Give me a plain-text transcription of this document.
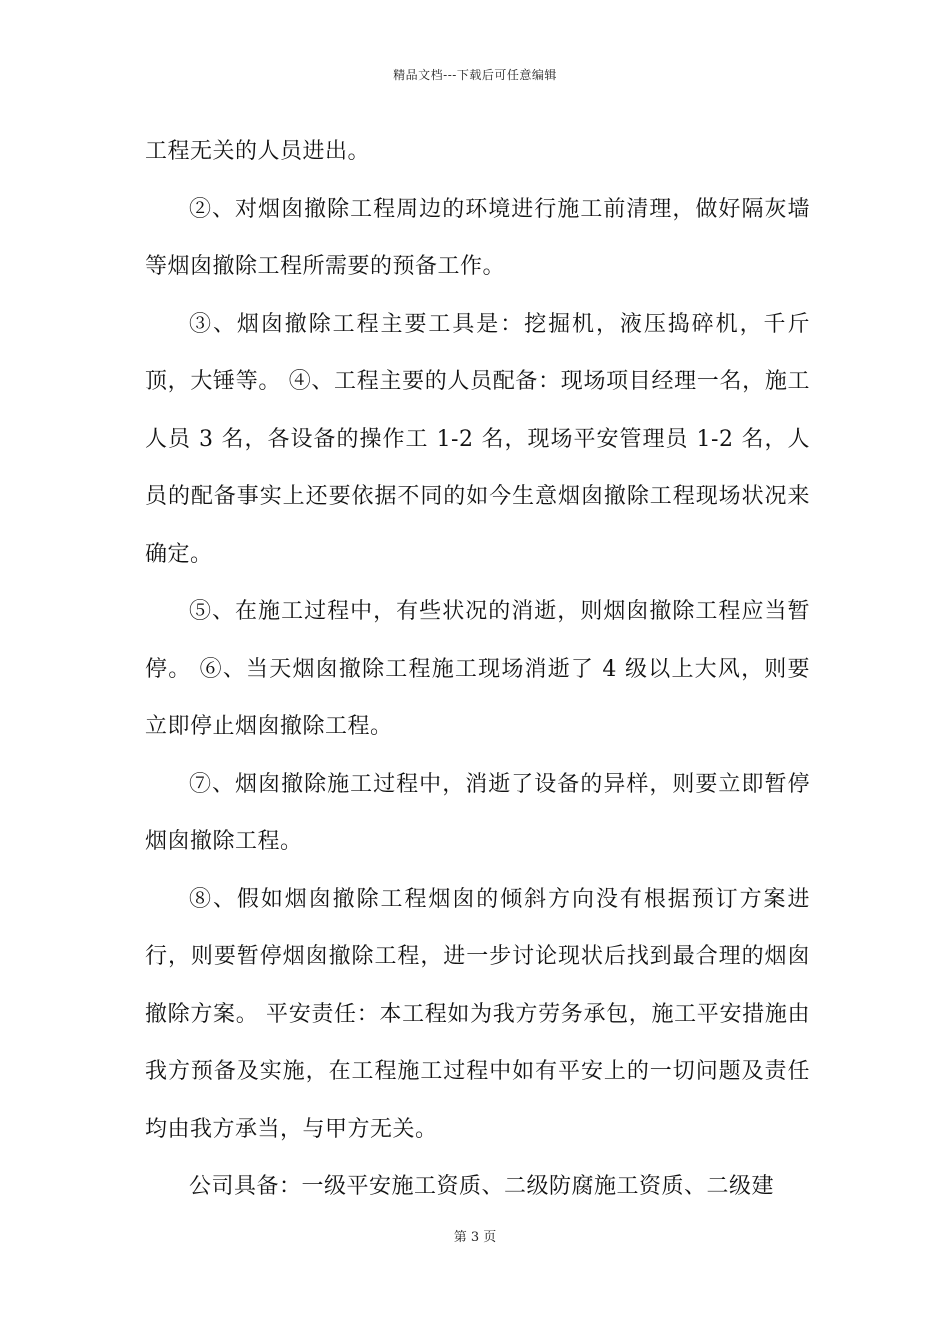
精品文档---下载后可任意编辑

工程无关的人员进出。

②、对烟囱撤除工程周边的环境进行施工前清理，做好隔灰墙等烟囱撤除工程所需要的预备工作。

③、烟囱撤除工程主要工具是：挖掘机，液压捣碎机，千斤顶，大锤等。 ④、工程主要的人员配备：现场项目经理一名，施工人员 3 名，各设备的操作工 1-2 名，现场平安管理员 1-2 名，人员的配备事实上还要依据不同的如今生意烟囱撤除工程现场状况来确定。

⑤、在施工过程中，有些状况的消逝，则烟囱撤除工程应当暂停。 ⑥、当天烟囱撤除工程施工现场消逝了 4 级以上大风，则要立即停止烟囱撤除工程。

⑦、烟囱撤除施工过程中，消逝了设备的异样，则要立即暂停烟囱撤除工程。

⑧、假如烟囱撤除工程烟囱的倾斜方向没有根据预订方案进行，则要暂停烟囱撤除工程，进一步讨论现状后找到最合理的烟囱撤除方案。 平安责任：本工程如为我方劳务承包，施工平安措施由我方预备及实施，在工程施工过程中如有平安上的一切问题及责任均由我方承当，与甲方无关。

公司具备：一级平安施工资质、二级防腐施工资质、二级建

第 3 页
